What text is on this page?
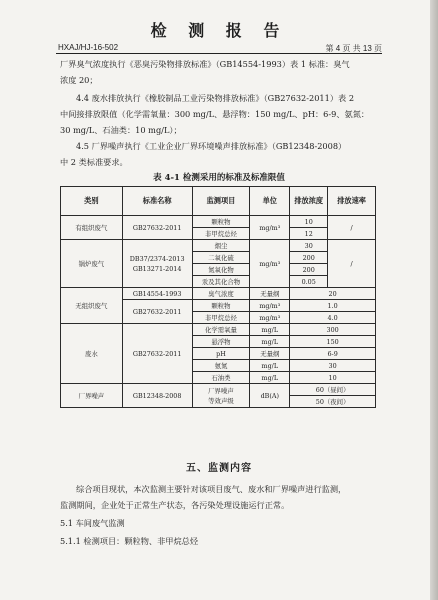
检 测 报 告
HXAJ/HJ-16-502	第 4 页 共 13 页
厂界臭气浓度执行《恶臭污染物排放标准》（GB14554-1993）表 1 标准：臭气
浓度 20；
4.4 废水排放执行《橡胶制品工业污染物排放标准》（GB27632-2011）表 2
中间接排放限值（化学需氧量：300 mg/L、悬浮物：150 mg/L、pH：6-9、氨氮：
30 mg/L、石油类：10 mg/L）；
4.5 厂界噪声执行《工业企业厂界环境噪声排放标准》（GB12348-2008）
中 2 类标准要求。
表 4-1 检测采用的标准及标准限值
类别	标准名称	监测项目	单位	排放浓度	排放速率
有组织废气	GB27632-2011	颗粒物	mg/m³	10	/
		非甲烷总烃		12	
锅炉废气	DB37/2374-2013
GB13271-2014	烟尘	mg/m³	30	/
		二氧化硫		200	
		氮氧化物		200	
		汞及其化合物		0.05	
无组织废气	GB14554-1993	臭气浓度	无量纲	20	
	GB27632-2011	颗粒物	mg/m³	1.0	
		非甲烷总烃	mg/m³	4.0	
废水	GB27632-2011	化学需氧量	mg/L	300	
		悬浮物	mg/L	150	
		pH	无量纲	6-9	
		氨氮	mg/L	30	
		石油类	mg/L	10	
厂界噪声	GB12348-2008	厂界噪声
等效声级	dB(A)	60（昼间）	
				50（夜间）	
五、监测内容
综合项目现状，本次监测主要针对该项目废气、废水和厂界噪声进行监测，
监测期间，企业处于正常生产状态，各污染处理设施运行正常。
5.1 车间废气监测
5.1.1 检测项目：颗粒物、非甲烷总烃
